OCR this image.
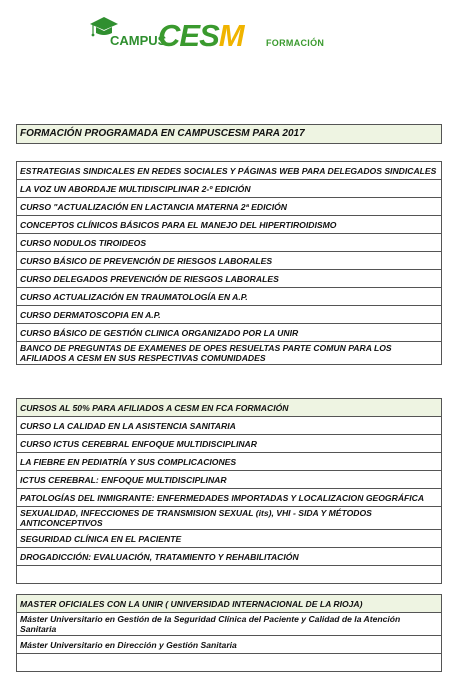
CAMPUS
CESM FORMACIÓN
FORMACIÓN PROGRAMADA EN CAMPUSCESM PARA 2017
ESTRATEGIAS SINDICALES EN REDES SOCIALES Y PÁGINAS WEB PARA DELEGADOS SINDICALES
LA VOZ UN ABORDAJE MULTIDISCIPLINAR 2-º EDICIÓN
CURSO "ACTUALIZACIÓN EN LACTANCIA MATERNA 2ª EDICIÓN
CONCEPTOS CLÍNICOS BÁSICOS PARA EL MANEJO DEL HIPERTIROIDISMO
CURSO NODULOS TIROIDEOS
CURSO BÁSICO DE PREVENCIÓN DE RIESGOS LABORALES
CURSO DELEGADOS PREVENCIÓN DE RIESGOS LABORALES
CURSO ACTUALIZACIÓN EN TRAUMATOLOGÍA EN A.P.
CURSO DERMATOSCOPIA EN A.P.
CURSO BÁSICO DE GESTIÓN CLINICA ORGANIZADO POR LA UNIR
BANCO DE PREGUNTAS DE EXAMENES DE OPES RESUELTAS PARTE COMUN PARA LOS AFILIADOS A CESM EN SUS RESPECTIVAS COMUNIDADES
CURSOS AL 50% PARA AFILIADOS A CESM EN FCA FORMACIÓN
CURSO LA CALIDAD EN LA ASISTENCIA SANITARIA
CURSO ICTUS CEREBRAL ENFOQUE MULTIDISCIPLINAR
LA FIEBRE EN PEDIATRÍA Y SUS COMPLICACIONES
ICTUS CEREBRAL: ENFOQUE MULTIDISCIPLINAR
PATOLOGÍAS DEL INMIGRANTE: ENFERMEDADES IMPORTADAS Y LOCALIZACION GEOGRÁFICA
SEXUALIDAD, INFECCIONES DE TRANSMISION SEXUAL (its), VHI - SIDA Y MÉTODOS ANTICONCEPTIVOS
SEGURIDAD CLÍNICA EN EL PACIENTE
DROGADICCIÓN: EVALUACIÓN, TRATAMIENTO Y REHABILITACIÓN

MASTER OFICIALES CON LA UNIR ( UNIVERSIDAD INTERNACIONAL DE LA RIOJA)
Máster Universitario en Gestión de la Seguridad Clínica del Paciente y Calidad de la Atención Sanitaria
Máster Universitario en Dirección y Gestión Sanitaria
